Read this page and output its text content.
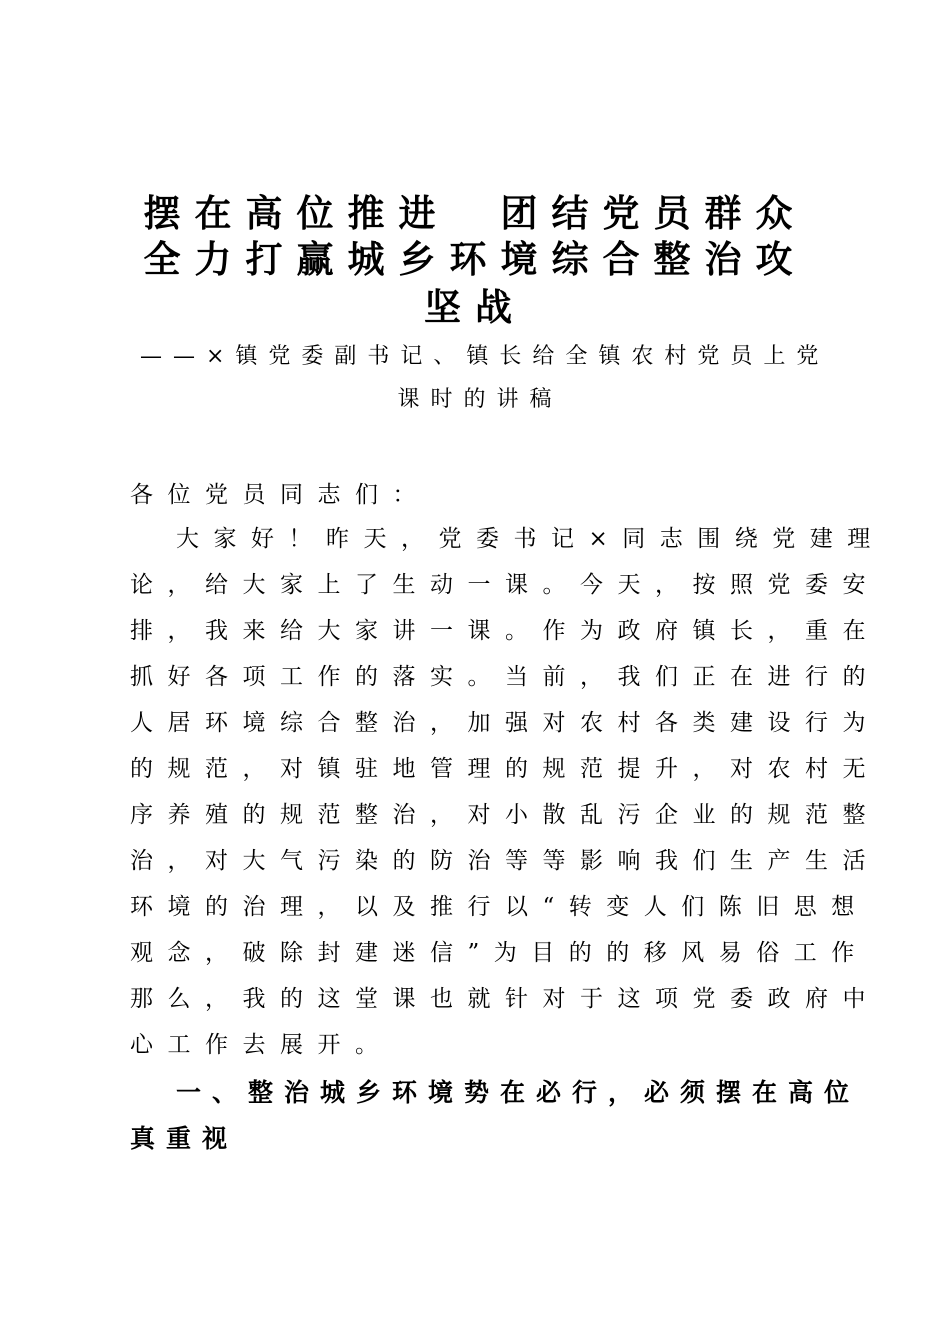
摆在高位推进　团结党员群众
全力打赢城乡环境综合整治攻
坚战
——×镇党委副书记、镇长给全镇农村党员上党
课时的讲稿
各位党员同志们：
大家好！昨天，党委书记×同志围绕党建理
论，给大家上了生动一课。今天，按照党委安
排，我来给大家讲一课。作为政府镇长，重在
抓好各项工作的落实。当前，我们正在进行的
人居环境综合整治，加强对农村各类建设行为
的规范，对镇驻地管理的规范提升，对农村无
序养殖的规范整治，对小散乱污企业的规范整
治，对大气污染的防治等等影响我们生产生活
环境的治理，以及推行以“转变人们陈旧思想
观念，破除封建迷信”为目的的移风易俗工作
那么，我的这堂课也就针对于这项党委政府中
心工作去展开。
一、整治城乡环境势在必行，必须摆在高位
真重视
